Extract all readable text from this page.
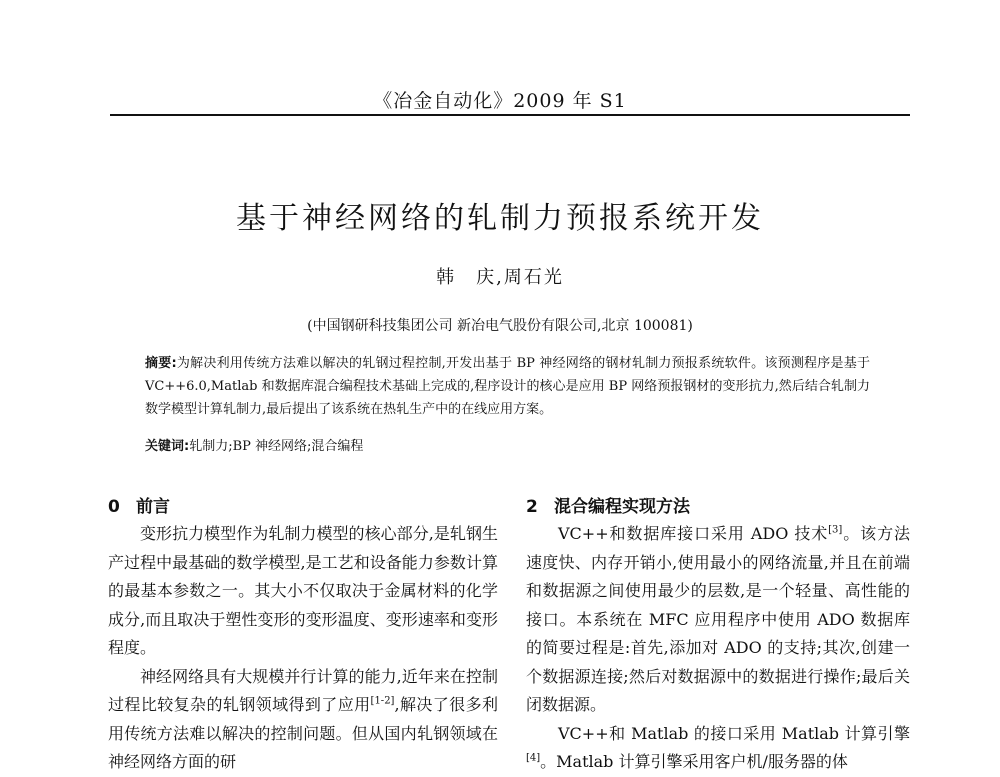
《冶金自动化》2009 年 S1
基于神经网络的轧制力预报系统开发
韩　庆,周石光
(中国钢研科技集团公司 新冶电气股份有限公司,北京 100081)
摘要:为解决利用传统方法难以解决的轧钢过程控制,开发出基于 BP 神经网络的钢材轧制力预报系统软件。该预测程序是基于 VC++6.0,Matlab 和数据库混合编程技术基础上完成的,程序设计的核心是应用 BP 网络预报钢材的变形抗力,然后结合轧制力数学模型计算轧制力,最后提出了该系统在热轧生产中的在线应用方案。
关键词:轧制力;BP 神经网络;混合编程
0 前言

变形抗力模型作为轧制力模型的核心部分,是轧钢生产过程中最基础的数学模型,是工艺和设备能力参数计算的最基本参数之一。其大小不仅取决于金属材料的化学成分,而且取决于塑性变形的变形温度、变形速率和变形程度。

神经网络具有大规模并行计算的能力,近年来在控制过程比较复杂的轧钢领域得到了应用[1-2],解决了很多利用传统方法难以解决的控制问题。但从国内轧钢领域在神经网络方面的研

2 混合编程实现方法

VC++和数据库接口采用 ADO 技术[3]。该方法速度快、内存开销小,使用最小的网络流量,并且在前端和数据源之间使用最少的层数,是一个轻量、高性能的接口。本系统在 MFC 应用程序中使用 ADO 数据库的简要过程是:首先,添加对 ADO 的支持;其次,创建一个数据源连接;然后对数据源中的数据进行操作;最后关闭数据源。

VC++和 Matlab 的接口采用 Matlab 计算引擎[4]。Matlab 计算引擎采用客户机/服务器的体
